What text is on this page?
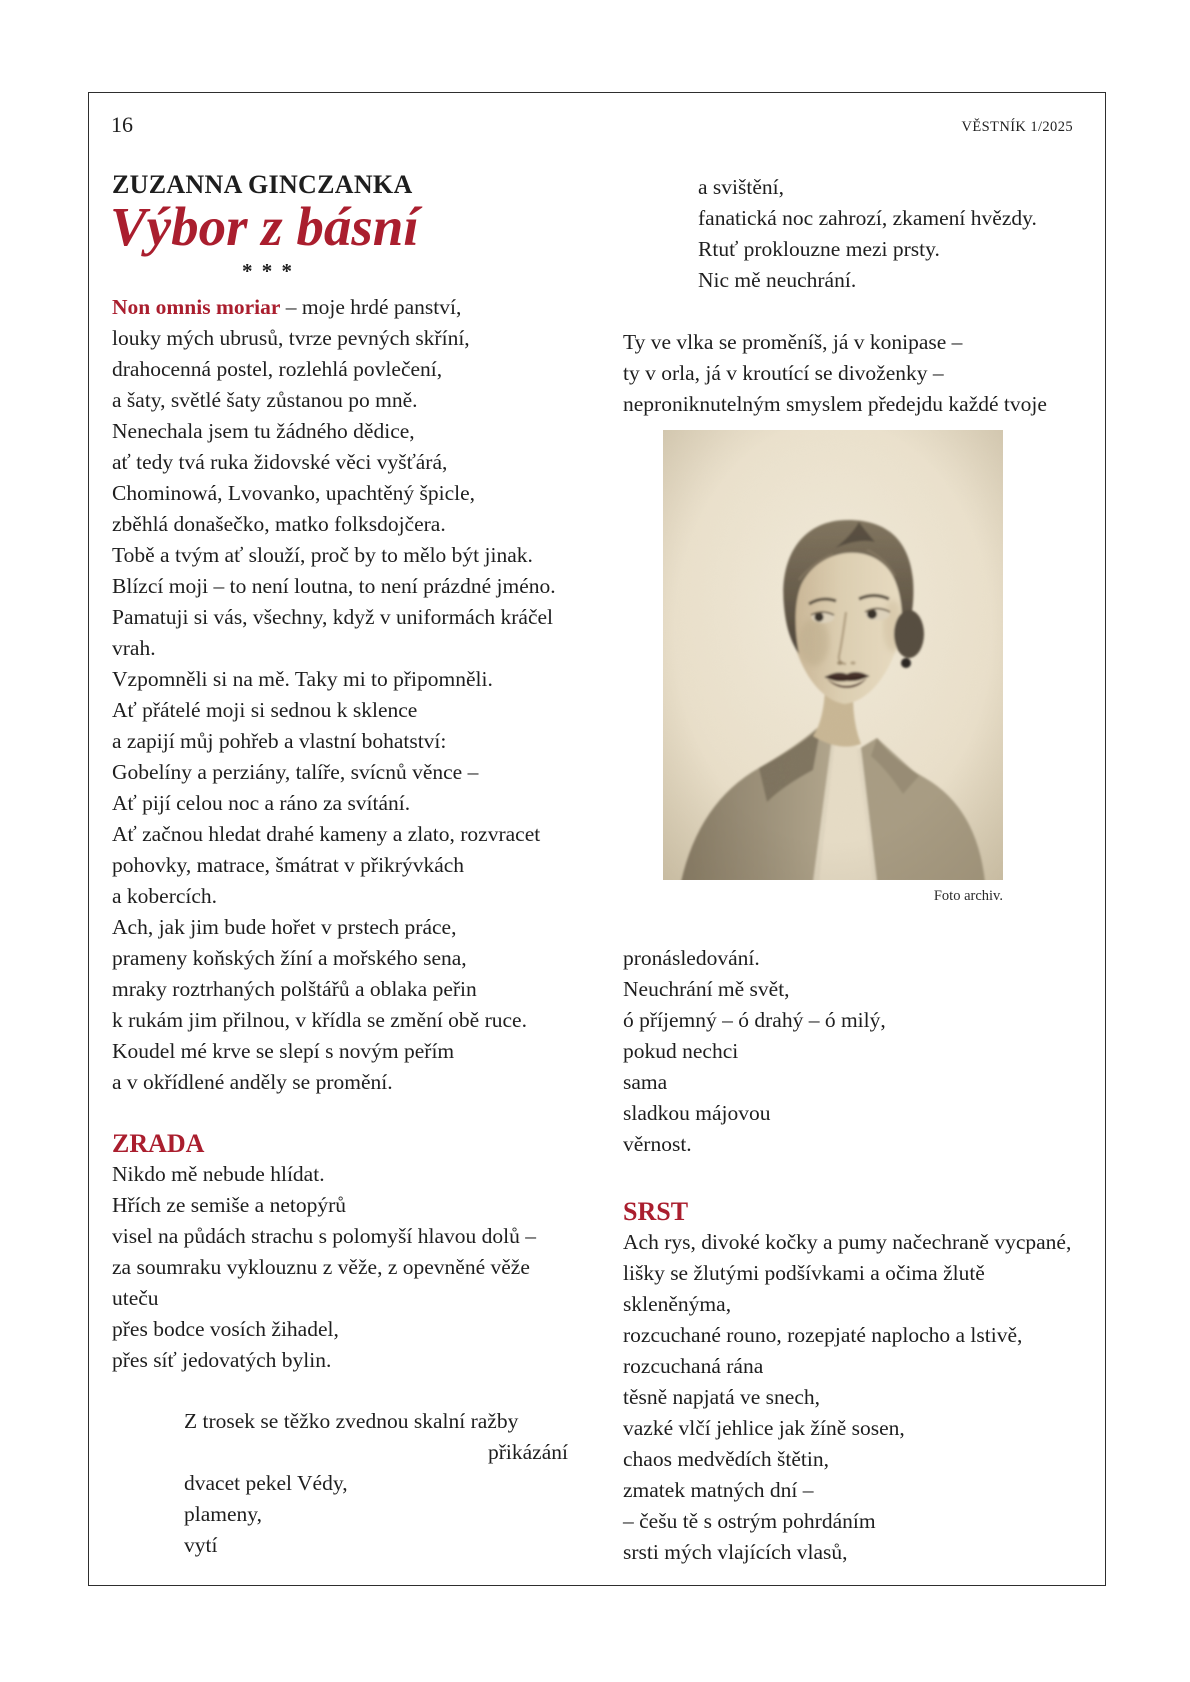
16	VĚSTNÍK 1/2025
ZUZANNA GINCZANKA
Výbor z básní
* * *
Non omnis moriar – moje hrdé panství,
louky mých ubrusů, tvrze pevných skříní,
drahocenná postel, rozlehlá povlečení,
a šaty, světlé šaty zůstanou po mně.
Nenechala jsem tu žádného dědice,
ať tedy tvá ruka židovské věci vyšťárá,
Chominowá, Lvovanko, upachtěný špicle,
zběhlá donašečko, matko folksdojčera.
Tobě a tvým ať slouží, proč by to mělo být jinak.
Blízcí moji – to není loutna, to není prázdné jméno.
Pamatuji si vás, všechny, když v uniformách kráčel
vrah.
Vzpomněli si na mě. Taky mi to připomněli.
Ať přátelé moji si sednou k sklence
a zapijí můj pohřeb a vlastní bohatství:
Gobelíny a perziány, talíře, svícnů věnce –
Ať pijí celou noc a ráno za svítání.
Ať začnou hledat drahé kameny a zlato, rozvracet
pohovky, matrace, šmátrat v přikrývkách
a kobercích.
Ach, jak jim bude hořet v prstech práce,
prameny koňských žíní a mořského sena,
mraky roztrhaných polštářů a oblaka peřin
k rukám jim přilnou, v křídla se změní obě ruce.
Koudel mé krve se slepí s novým peřím
a v okřídlené anděly se promění.
ZRADA
Nikdo mě nebude hlídat.
Hřích ze semiše a netopýrů
visel na půdách strachu s polomyší hlavou dolů –
za soumraku vyklouznu z věže, z opevněné věže
uteču
přes bodce vosích žihadel,
přes síť jedovatých bylin.
Z trosek se těžko zvednou skalní ražby
přikázání
dvacet pekel Védy,
plameny,
vytí
a svištění,
fanatická noc zahrozí, zkamení hvězdy.
Rtuť proklouzne mezi prsty.
Nic mě neuchrání.
Ty ve vlka se proměníš, já v konipase –
ty v orla, já v kroutící se divoženky –
neproniknutelným smyslem předejdu každé tvoje
Foto archiv.
pronásledování.
Neuchrání mě svět,
ó příjemný – ó drahý – ó milý,
pokud nechci
sama
sladkou májovou
věrnost.
SRST
Ach rys, divoké kočky a pumy načechraně vycpané,
lišky se žlutými podšívkami a očima žlutě
skleněnýma,
rozcuchané rouno, rozepjaté naplocho a lstivě,
rozcuchaná rána
těsně napjatá ve snech,
vazké vlčí jehlice jak žíně sosen,
chaos medvědích štětin,
zmatek matných dní –
– češu tě s ostrým pohrdáním
srsti mých vlajících vlasů,
